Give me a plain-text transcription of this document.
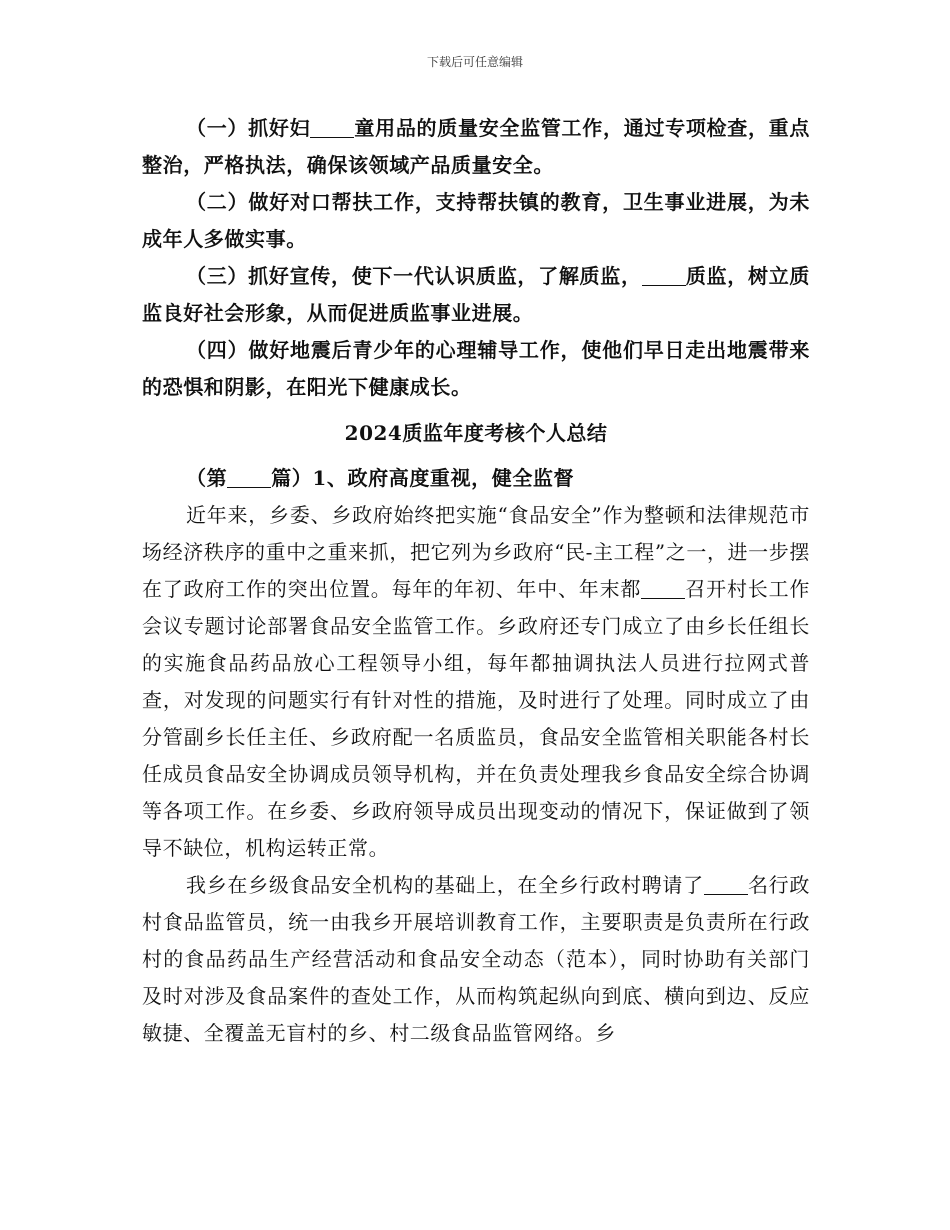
下载后可任意编辑

（一）抓好妇 童用品的质量安全监管工作，通过专项检查，重点整治，严格执法，确保该领域产品质量安全。

（二）做好对口帮扶工作，支持帮扶镇的教育，卫生事业进展，为未成年人多做实事。

（三）抓好宣传，使下一代认识质监，了解质监， 质监，树立质监良好社会形象，从而促进质监事业进展。

（四）做好地震后青少年的心理辅导工作，使他们早日走出地震带来的恐惧和阴影，在阳光下健康成长。

2024质监年度考核个人总结

（第 篇）1、政府高度重视，健全监督

近年来，乡委、乡政府始终把实施“食品安全”作为整顿和法律规范市场经济秩序的重中之重来抓，把它列为乡政府“民-主工程”之一，进一步摆在了政府工作的突出位置。每年的年初、年中、年末都 召开村长工作会议专题讨论部署食品安全监管工作。乡政府还专门成立了由乡长任组长的实施食品药品放心工程领导小组，每年都抽调执法人员进行拉网式普查，对发现的问题实行有针对性的措施，及时进行了处理。同时成立了由分管副乡长任主任、乡政府配一名质监员，食品安全监管相关职能各村长任成员食品安全协调成员领导机构，并在负责处理我乡食品安全综合协调等各项工作。在乡委、乡政府领导成员出现变动的情况下，保证做到了领导不缺位，机构运转正常。

我乡在乡级食品安全机构的基础上，在全乡行政村聘请了 名行政村食品监管员，统一由我乡开展培训教育工作，主要职责是负责所在行政村的食品药品生产经营活动和食品安全动态（范本），同时协助有关部门及时对涉及食品案件的查处工作，从而构筑起纵向到底、横向到边、反应敏捷、全覆盖无盲村的乡、村二级食品监管网络。乡
